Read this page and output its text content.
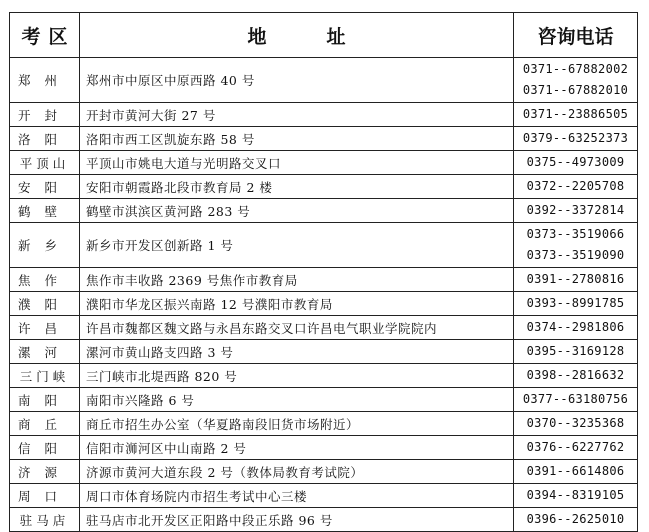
考区	地址	咨询电话
郑州	郑州市中原区中原西路 40 号	0371--67882002
0371--67882010

开封	开封市黄河大街 27 号	0371--23886505

洛阳	洛阳市西工区凯旋东路 58 号	0379--63252373

平顶山	平顶山市姚电大道与光明路交叉口	0375--4973009

安阳	安阳市朝霞路北段市教育局 2 楼	0372--2205708

鹤壁	鹤壁市淇滨区黄河路 283 号	0392--3372814

新乡	新乡市开发区创新路 1 号	0373--3519066
0373--3519090

焦作	焦作市丰收路 2369 号焦作市教育局	0391--2780816

濮阳	濮阳市华龙区振兴南路 12 号濮阳市教育局	0393--8991785

许昌	许昌市魏都区魏文路与永昌东路交叉口许昌电气职业学院院内	0374--2981806

漯河	漯河市黄山路支四路 3 号	0395--3169128

三门峡	三门峡市北堤西路 820 号	0398--2816632

南阳	南阳市兴隆路 6 号	0377--63180756

商丘	商丘市招生办公室（华夏路南段旧货市场附近）	0370--3235368

信阳	信阳市浉河区中山南路 2 号	0376--6227762

济源	济源市黄河大道东段 2 号（教体局教育考试院）	0391--6614806

周口	周口市体育场院内市招生考试中心三楼	0394--8319105

驻马店	驻马店市北开发区正阳路中段正乐路 96 号	0396--2625010
